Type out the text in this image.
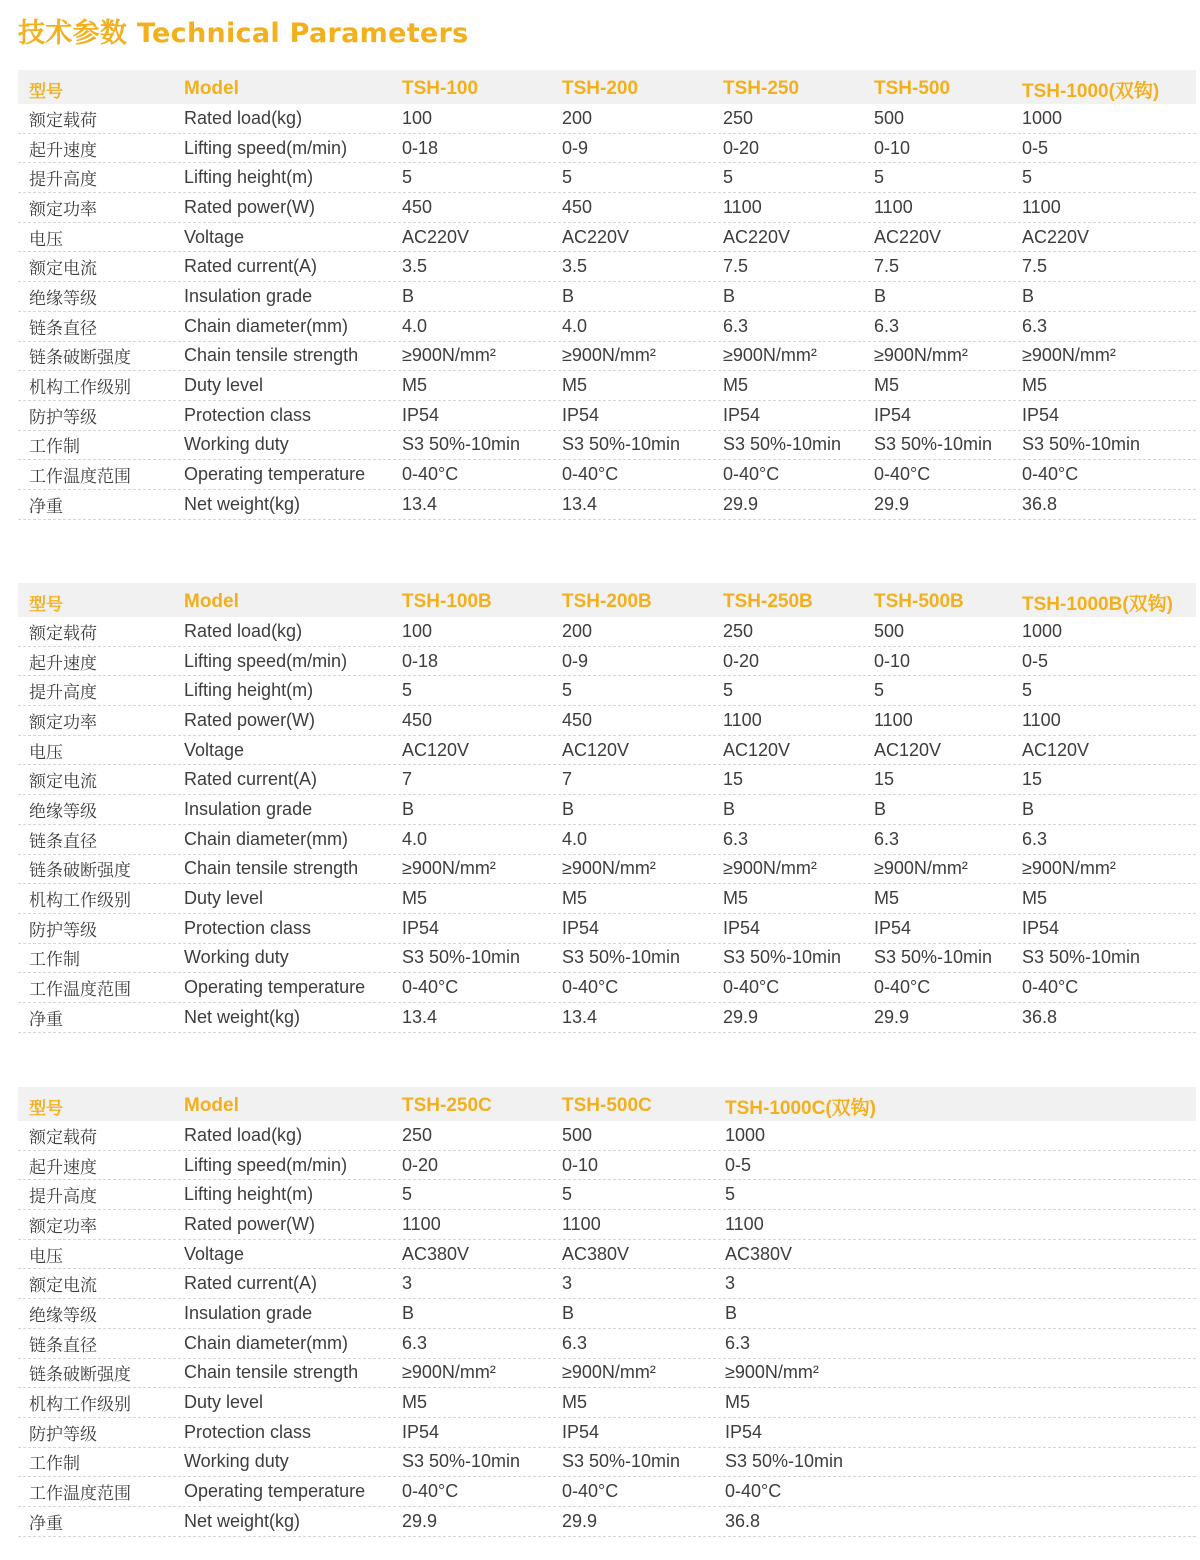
技术参数 Technical Parameters
型号	Model	TSH-100	TSH-200	TSH-250	TSH-500	TSH-1000(双钩)
额定载荷	Rated load(kg)	100	200	250	500	1000
起升速度	Lifting speed(m/min)	0-18	0-9	0-20	0-10	0-5
提升高度	Lifting height(m)	5	5	5	5	5
额定功率	Rated power(W)	450	450	1100	1100	1100
电压	Voltage	AC220V	AC220V	AC220V	AC220V	AC220V
额定电流	Rated current(A)	3.5	3.5	7.5	7.5	7.5
绝缘等级	Insulation grade	B	B	B	B	B
链条直径	Chain diameter(mm)	4.0	4.0	6.3	6.3	6.3
链条破断强度	Chain tensile strength	≥900N/mm²	≥900N/mm²	≥900N/mm²	≥900N/mm²	≥900N/mm²
机构工作级别	Duty level	M5	M5	M5	M5	M5
防护等级	Protection class	IP54	IP54	IP54	IP54	IP54
工作制	Working duty	S3 50%-10min	S3 50%-10min	S3 50%-10min	S3 50%-10min	S3 50%-10min
工作温度范围	Operating temperature	0-40°C	0-40°C	0-40°C	0-40°C	0-40°C
净重	Net weight(kg)	13.4	13.4	29.9	29.9	36.8
型号	Model	TSH-100B	TSH-200B	TSH-250B	TSH-500B	TSH-1000B(双钩)
额定载荷	Rated load(kg)	100	200	250	500	1000
起升速度	Lifting speed(m/min)	0-18	0-9	0-20	0-10	0-5
提升高度	Lifting height(m)	5	5	5	5	5
额定功率	Rated power(W)	450	450	1100	1100	1100
电压	Voltage	AC120V	AC120V	AC120V	AC120V	AC120V
额定电流	Rated current(A)	7	7	15	15	15
绝缘等级	Insulation grade	B	B	B	B	B
链条直径	Chain diameter(mm)	4.0	4.0	6.3	6.3	6.3
链条破断强度	Chain tensile strength	≥900N/mm²	≥900N/mm²	≥900N/mm²	≥900N/mm²	≥900N/mm²
机构工作级别	Duty level	M5	M5	M5	M5	M5
防护等级	Protection class	IP54	IP54	IP54	IP54	IP54
工作制	Working duty	S3 50%-10min	S3 50%-10min	S3 50%-10min	S3 50%-10min	S3 50%-10min
工作温度范围	Operating temperature	0-40°C	0-40°C	0-40°C	0-40°C	0-40°C
净重	Net weight(kg)	13.4	13.4	29.9	29.9	36.8
型号	Model	TSH-250C	TSH-500C	TSH-1000C(双钩)
额定载荷	Rated load(kg)	250	500	1000
起升速度	Lifting speed(m/min)	0-20	0-10	0-5
提升高度	Lifting height(m)	5	5	5
额定功率	Rated power(W)	1100	1100	1100
电压	Voltage	AC380V	AC380V	AC380V
额定电流	Rated current(A)	3	3	3
绝缘等级	Insulation grade	B	B	B
链条直径	Chain diameter(mm)	6.3	6.3	6.3
链条破断强度	Chain tensile strength	≥900N/mm²	≥900N/mm²	≥900N/mm²
机构工作级别	Duty level	M5	M5	M5
防护等级	Protection class	IP54	IP54	IP54
工作制	Working duty	S3 50%-10min	S3 50%-10min	S3 50%-10min
工作温度范围	Operating temperature	0-40°C	0-40°C	0-40°C
净重	Net weight(kg)	29.9	29.9	36.8
